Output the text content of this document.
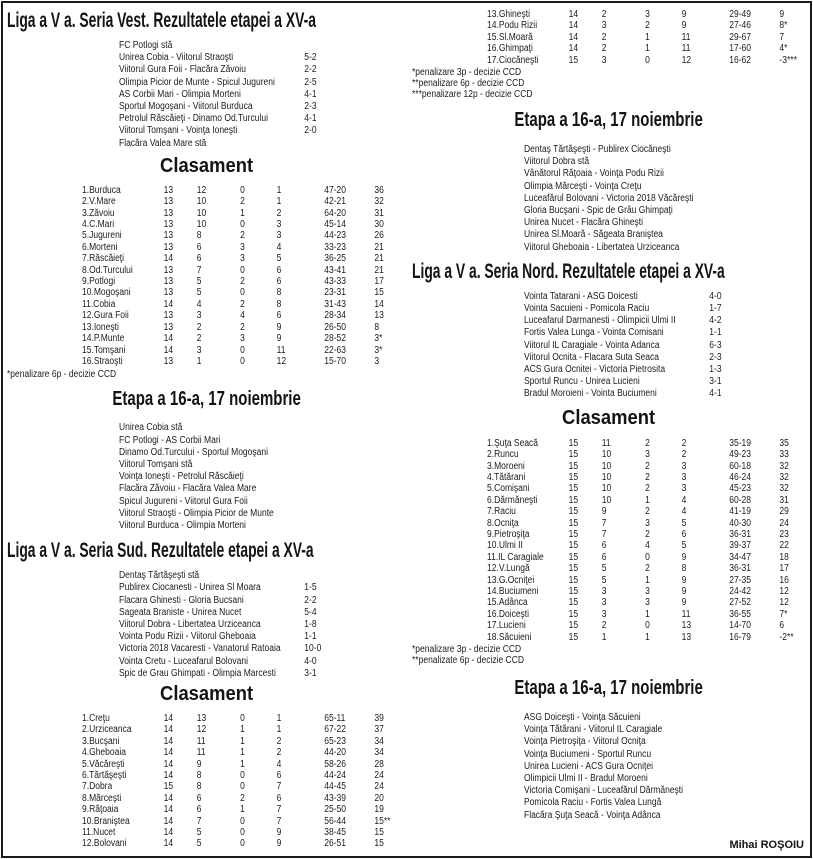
Liga a V a. Seria Vest. Rezultatele etapei a XV-a
FC Potlogi stă
Unirea Cobia - Viitorul Straoşti	5-2
Viitorul Gura Foii - Flacăra Zăvoiu	2-2
Olimpia Picior de Munte - Spicul Jugureni	2-5
AS Corbii Mari - Olimpia Morteni	4-1
Sportul Mogoşani - Viitorul Burduca	2-3
Petrolul Răscăieţi - Dinamo Od.Turcului	4-1
Viitorul Tomşani - Voinţa Ioneşti	2-0
Flacăra Valea Mare stă
Clasament
1.Burduca	13	12	0	1	47-20	36
2.V.Mare	13	10	2	1	42-21	32
3.Zăvoiu	13	10	1	2	64-20	31
4.C.Mari	13	10	0	3	45-14	30
5.Jugureni	13	8	2	3	44-23	26
6.Morteni	13	6	3	4	33-23	21
7.Răscăieţi	14	6	3	5	36-25	21
8.Od.Turcului	13	7	0	6	43-41	21
9.Potlogi	13	5	2	6	43-33	17
10.Mogoşani	13	5	0	8	23-31	15
11.Cobia	14	4	2	8	31-43	14
12.Gura Foii	13	3	4	6	28-34	13
13.Ioneşti	13	2	2	9	26-50	8
14.P.Munte	14	2	3	9	28-52	3*
15.Tomşani	14	3	0	11	22-63	3*
16.Straoşti	13	1	0	12	15-70	3
*penalizare 6p - decizie CCD
Etapa a 16-a, 17 noiembrie
Unirea Cobia stă
FC Potlogi - AS Corbii Mari
Dinamo Od.Turcului - Sportul Mogoşani
Viitorul Tomşani stă
Voinţa Ioneşti - Petrolul Răscăieţi
Flacăra Zăvoiu - Flacăra Valea Mare
Spicul Jugureni - Viitorul Gura Foii
Viitorul Straoşti - Olimpia Picior de Munte
Viitorul Burduca - Olimpia Morteni
Liga a V a. Seria Sud. Rezultatele etapei a XV-a
Dentaş Tărtăşeşti stă
Publirex Ciocanesti - Unirea Sl Moara	1-5
Flacara Ghinesti - Gloria Bucsani	2-2
Sageata Braniste - Unirea Nucet	5-4
Viitorul Dobra - Libertatea Urziceanca	1-8
Vointa Podu Rizii - Viitorul Gheboaia	1-1
Victoria 2018 Vacaresti - Vanatorul Ratoaia	10-0
Vointa Cretu - Luceafarul Bolovani	4-0
Spic de Grau Ghimpati - Olimpia Marcesti	3-1
Clasament
1.Creţu	14	13	0	1	65-11	39
2.Urziceanca	14	12	1	1	67-22	37
3.Bucşani	14	11	1	2	65-23	34
4.Gheboaia	14	11	1	2	44-20	34
5.Văcăreşti	14	9	1	4	58-26	28
6.Tărtăşeşti	14	8	0	6	44-24	24
7.Dobra	15	8	0	7	44-45	24
8.Mărceşti	14	6	2	6	43-39	20
9.Răţoaia	14	6	1	7	25-50	19
10.Braniştea	14	7	0	7	56-44	15**
11.Nucet	14	5	0	9	38-45	15
12.Bolovani	14	5	0	9	26-51	15
13.Ghineşti	14	2	3	9	29-49	9
14.Podu Rizii	14	3	2	9	27-46	8*
15.Sl.Moară	14	2	1	11	29-67	7
16.Ghimpaţi	14	2	1	11	17-60	4*
17.Ciocăneşti	15	3	0	12	16-62	-3***
*penalizare 3p - decizie CCD
**penalizare 6p - decizie CCD
***penalizare 12p - decizie CCD
Etapa a 16-a, 17 noiembrie
Dentaş Tărtăşeşti - Publirex Ciocăneşti
Viitorul Dobra stă
Vânătorul Răţoaia - Voinţa Podu Rizii
Olimpia Mărceşti - Voinţa Creţu
Luceafărul Bolovani - Victoria 2018 Văcăreşti
Gloria Bucşani - Spic de Grâu Ghimpaţi
Unirea Nucet - Flacăra Ghineşti
Unirea Sl.Moară - Săgeata Braniştea
Viitorul Gheboaia - Libertatea Urziceanca
Liga a V a. Seria Nord. Rezultatele etapei a XV-a
Vointa Tatarani - ASG Doicesti	4-0
Vointa Sacuieni - Pomicola Raciu	1-7
Luceafarul Darmanesti - Olimpicii Ulmi II	4-2
Fortis Valea Lunga - Vointa Comisani	1-1
Viitorul IL Caragiale - Vointa Adanca	6-3
Viitorul Ocnita - Flacara Suta Seaca	2-3
ACS Gura Ocnitei - Victoria Pietrosita	1-3
Sportul Runcu - Unirea Lucieni	3-1
Bradul Moroieni - Vointa Buciumeni	4-1
Clasament
1.Şuţa Seacă	15	11	2	2	35-19	35
2.Runcu	15	10	3	2	49-23	33
3.Moroeni	15	10	2	3	60-18	32
4.Tătărani	15	10	2	3	46-24	32
5.Comişani	15	10	2	3	45-23	32
6.Dărmăneşti	15	10	1	4	60-28	31
7.Raciu	15	9	2	4	41-19	29
8.Ocniţa	15	7	3	5	40-30	24
9.Pietroşiţa	15	7	2	6	36-31	23
10.Ulmi II	15	6	4	5	39-37	22
11.IL Caragiale	15	6	0	9	34-47	18
12.V.Lungă	15	5	2	8	36-31	17
13.G.Ocniţei	15	5	1	9	27-35	16
14.Buciumeni	15	3	3	9	24-42	12
15.Adânca	15	3	3	9	27-52	12
16.Doiceşti	15	3	1	11	36-55	7*
17.Lucieni	15	2	0	13	14-70	6
18.Săcuieni	15	1	1	13	16-79	-2**
*penalizare 3p - decizie CCD
**penalizate 6p - decizie CCD
Etapa a 16-a, 17 noiembrie
ASG Doiceşti - Voinţa Săcuieni
Voinţa Tătărani - Viitorul IL Caragiale
Voinţa Pietroşiţa - Viitorul Ocniţa
Voinţa Buciumeni - Sportul Runcu
Unirea Lucieni - ACS Gura Ocniţei
Olimpicii Ulmi II - Bradul Moroeni
Victoria Comişani - Luceafărul Dărmăneşti
Pomicola Raciu - Fortis Valea Lungă
Flacăra Şuţa Seacă - Voinţa Adânca
Mihai ROŞOIU
